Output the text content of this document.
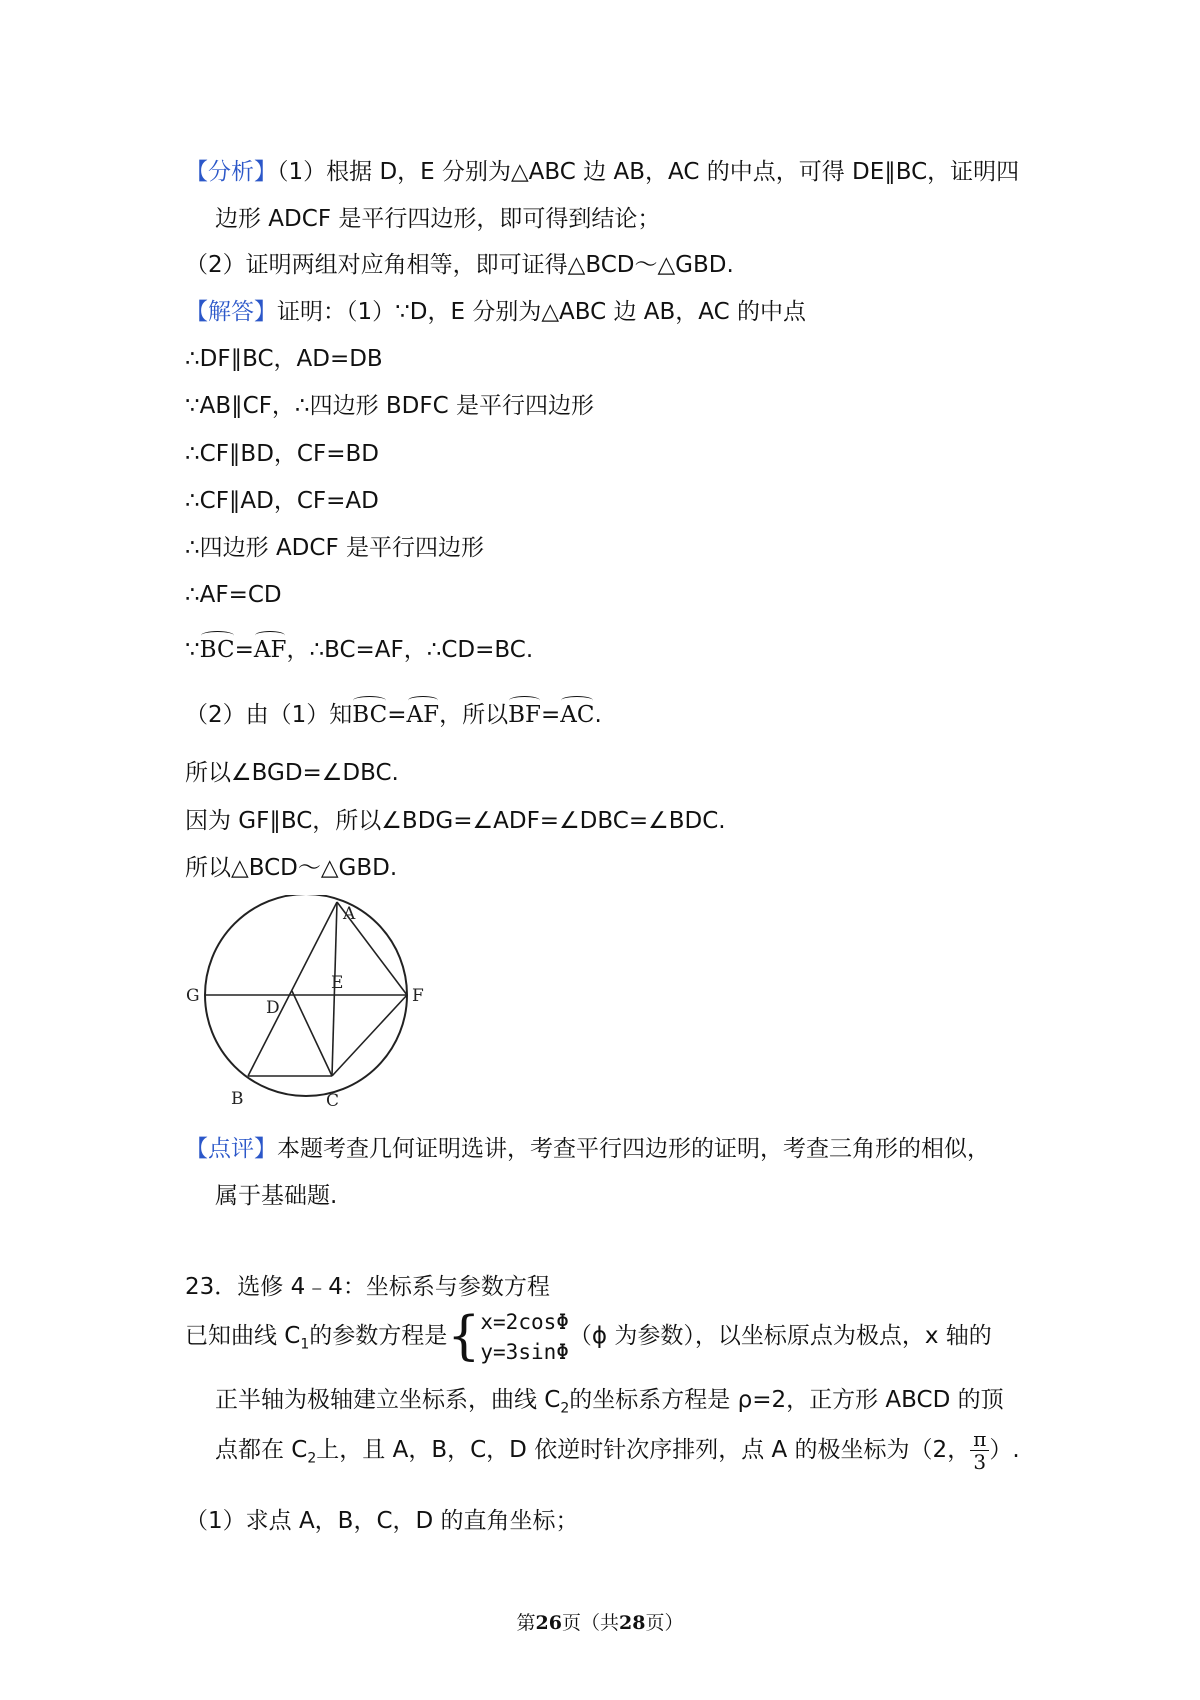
【分析】（1）根据 D，E 分别为△ABC 边 AB，AC 的中点，可得 DE∥BC，证明四
边形 ADCF 是平行四边形，即可得到结论；
（2）证明两组对应角相等，即可证得△BCD～△GBD.
【解答】证明：（1）∵D，E 分别为△ABC 边 AB，AC 的中点
∴DF∥BC，AD=DB
∵AB∥CF，∴四边形 BDFC 是平行四边形
∴CF∥BD，CF=BD
∴CF∥AD，CF=AD
∴四边形 ADCF 是平行四边形
∴AF=CD
∵BC=AF，∴BC=AF，∴CD=BC.
（2）由（1）知BC=AF，所以BF=AC.
所以∠BGD=∠DBC.
因为 GF∥BC，所以∠BDG=∠ADF=∠DBC=∠BDC.
所以△BCD～△GBD.
A
B	C
D
E
F
G
【点评】本题考查几何证明选讲，考查平行四边形的证明，考查三角形的相似，
属于基础题.
23．选修 4﹣4：坐标系与参数方程
已知曲线 $C_1$的参数方程是{x=2cosΦ
y=3sinΦ（ϕ 为参数），以坐标原点为极点，x 轴的
正半轴为极轴建立坐标系，曲线 $C_2$的坐标系方程是 ρ=2，正方形 ABCD 的顶
点都在 $C_2$上，且 A，B，C，D 依逆时针次序排列，点 A 的极坐标为（2， $\frac{\pi}{3}$ ）.
（1）求点 A，B，C，D 的直角坐标；
第26页（共28页）
